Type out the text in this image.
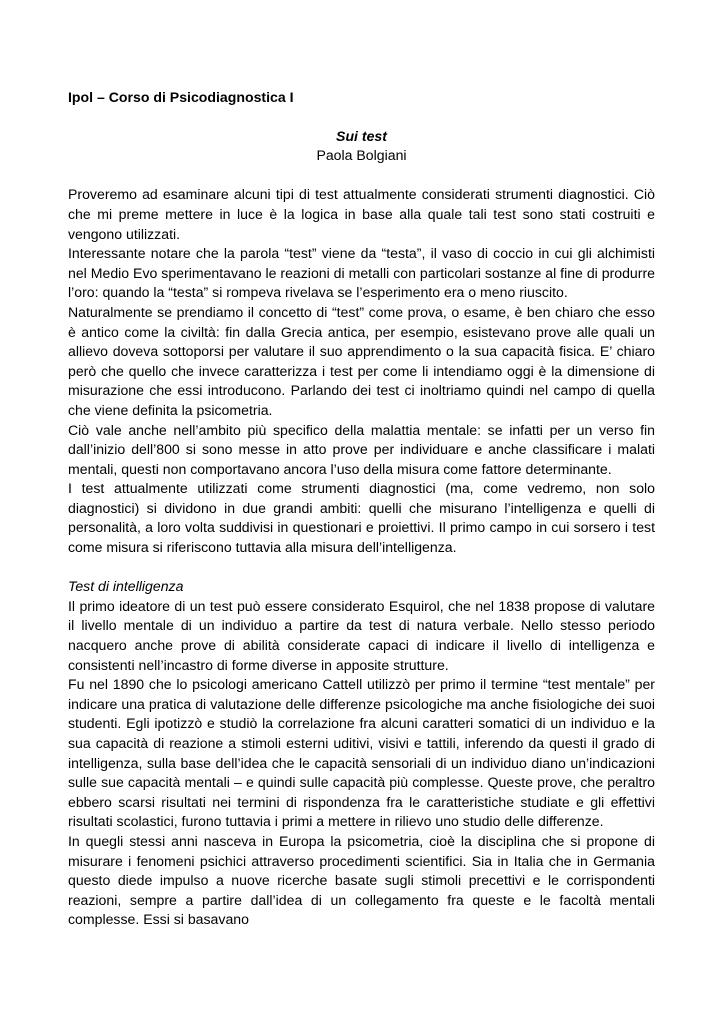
Ipol – Corso di Psicodiagnostica I

Sui test

Paola Bolgiani

Proveremo ad esaminare alcuni tipi di test attualmente considerati strumenti diagnostici. Ciò che mi preme mettere in luce è la logica in base alla quale tali test sono stati costruiti e vengono utilizzati.

Interessante notare che la parola “test” viene da “testa”, il vaso di coccio in cui gli alchimisti nel Medio Evo sperimentavano le reazioni di metalli con particolari sostanze al fine di produrre l’oro: quando la “testa” si rompeva rivelava se l’esperimento era o meno riuscito.

Naturalmente se prendiamo il concetto di “test” come prova, o esame, è ben chiaro che esso è antico come la civiltà: fin dalla Grecia antica, per esempio, esistevano prove alle quali un allievo doveva sottoporsi per valutare il suo apprendimento o la sua capacità fisica. E’ chiaro però che quello che invece caratterizza i test per come li intendiamo oggi è la dimensione di misurazione che essi introducono. Parlando dei test ci inoltriamo quindi nel campo di quella che viene definita la psicometria.

Ciò vale anche nell’ambito più specifico della malattia mentale: se infatti per un verso fin dall’inizio dell’800 si sono messe in atto prove per individuare e anche classificare i malati mentali, questi non comportavano ancora l’uso della misura come fattore determinante.

I test attualmente utilizzati come strumenti diagnostici (ma, come vedremo, non solo diagnostici) si dividono in due grandi ambiti: quelli che misurano l’intelligenza e quelli di personalità, a loro volta suddivisi in questionari e proiettivi. Il primo campo in cui sorsero i test come misura si riferiscono tuttavia alla misura dell’intelligenza.

Test di intelligenza

Il primo ideatore di un test può essere considerato Esquirol, che nel 1838 propose di valutare il livello mentale di un individuo a partire da test di natura verbale. Nello stesso periodo nacquero anche prove di abilità considerate capaci di indicare il livello di intelligenza e consistenti nell’incastro di forme diverse in apposite strutture.

Fu nel 1890 che lo psicologi americano Cattell utilizzò per primo il termine “test mentale” per indicare una pratica di valutazione delle differenze psicologiche ma anche fisiologiche dei suoi studenti. Egli ipotizzò e studiò la correlazione fra alcuni caratteri somatici di un individuo e la sua capacità di reazione a stimoli esterni uditivi, visivi e tattili, inferendo da questi il grado di intelligenza, sulla base dell’idea che le capacità sensoriali di un individuo diano un’indicazioni sulle sue capacità mentali – e quindi sulle capacità più complesse. Queste prove, che peraltro ebbero scarsi risultati nei termini di rispondenza fra le caratteristiche studiate e gli effettivi risultati scolastici, furono tuttavia i primi a mettere in rilievo uno studio delle differenze.

In quegli stessi anni nasceva in Europa la psicometria, cioè la disciplina che si propone di misurare i fenomeni psichici attraverso procedimenti scientifici. Sia in Italia che in Germania questo diede impulso a nuove ricerche basate sugli stimoli precettivi e le corrispondenti reazioni, sempre a partire dall’idea di un collegamento fra queste e le facoltà mentali complesse. Essi si basavano
